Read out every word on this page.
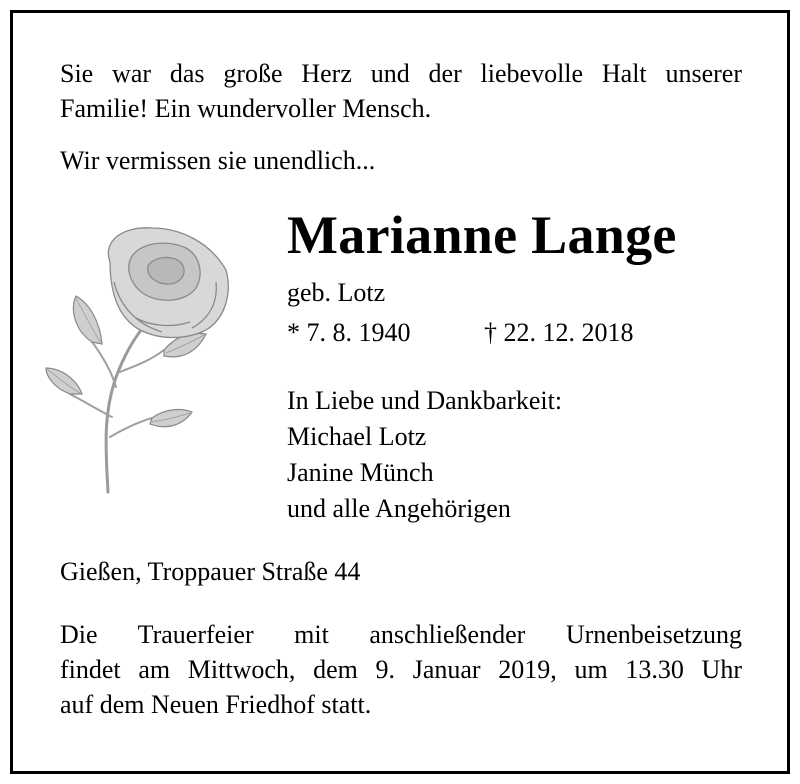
Sie war das große Herz und der liebevolle Halt unserer
Familie! Ein wundervoller Mensch.
Wir vermissen sie unendlich...
Marianne Lange
geb. Lotz
* 7. 8. 1940	† 22. 12. 2018
In Liebe und Dankbarkeit:
Michael Lotz
Janine Münch
und alle Angehörigen
Gießen, Troppauer Straße 44
Die Trauerfeier mit anschließender Urnenbeisetzung
findet am Mittwoch, dem 9. Januar 2019, um 13.30 Uhr
auf dem Neuen Friedhof statt.
